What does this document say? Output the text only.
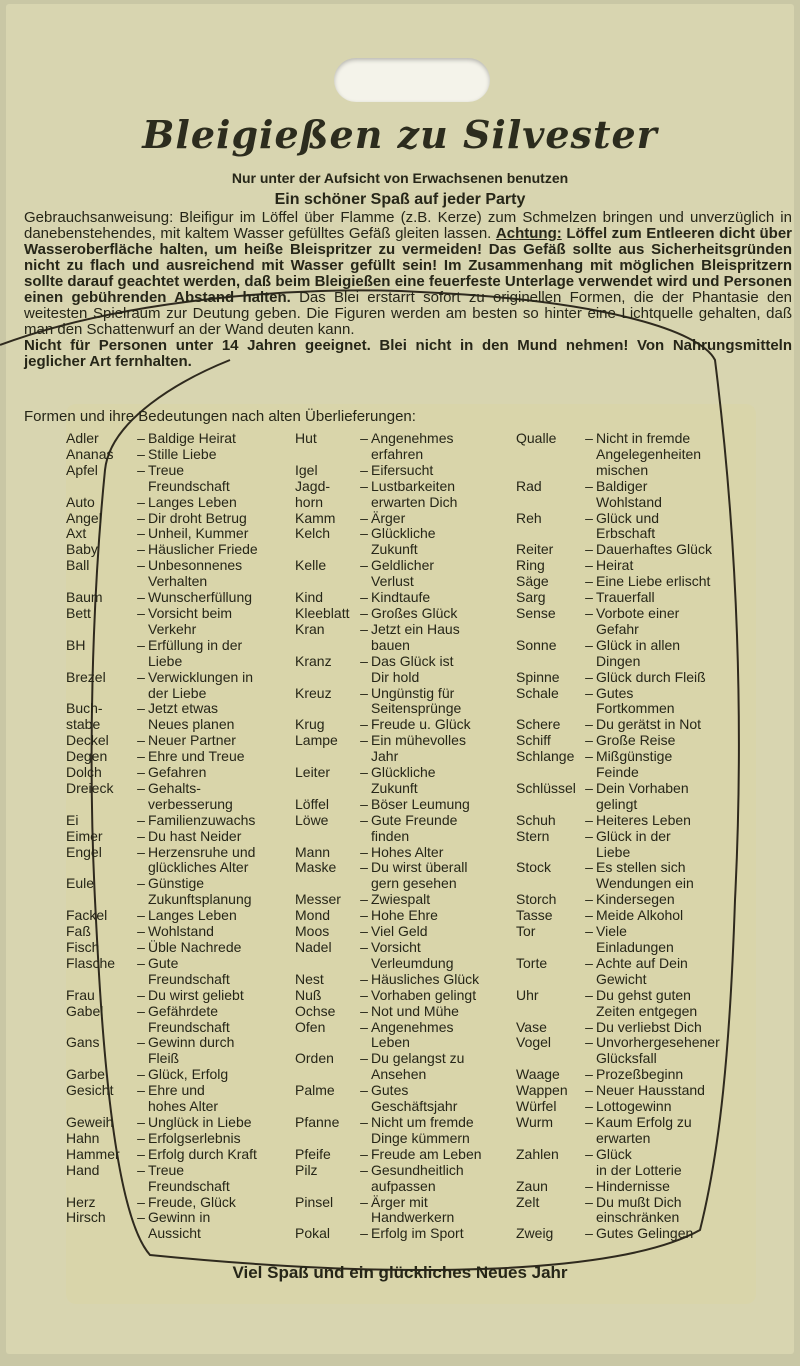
Bleigießen zu Silvester
Nur unter der Aufsicht von Erwachsenen benutzen
Ein schöner Spaß auf jeder Party
Gebrauchsanweisung: Bleifigur im Löffel über Flamme (z.B. Kerze) zum Schmelzen bringen und unverzüglich in danebenstehendes, mit kaltem Wasser gefülltes Gefäß gleiten lassen. Achtung: Löffel zum Entleeren dicht über Wasseroberfläche halten, um heiße Bleispritzer zu vermeiden! Das Gefäß sollte aus Sicherheitsgründen nicht zu flach und ausreichend mit Wasser gefüllt sein! Im Zusammenhang mit möglichen Bleispritzern sollte darauf geachtet werden, daß beim Bleigießen eine feuerfeste Unterlage verwendet wird und Personen einen gebührenden Abstand halten. Das Blei erstarrt sofort zu originellen Formen, die der Phantasie den weitesten Spielraum zur Deutung geben. Die Figuren werden am besten so hinter eine Lichtquelle gehalten, daß man den Schattenwurf an der Wand deuten kann.
Nicht für Personen unter 14 Jahren geeignet. Blei nicht in den Mund nehmen! Von Nahrungsmitteln jeglicher Art fernhalten.
Formen und ihre Bedeutungen nach alten Überlieferungen:
Adler	– Baldige Heirat
Ananas	– Stille Liebe
Apfel	– Treue
Freundschaft
Auto	– Langes Leben
Angel	– Dir droht Betrug
Axt	– Unheil, Kummer
Baby	– Häuslicher Friede
Ball	– Unbesonnenes
Verhalten
Baum	– Wunscherfüllung
Bett	– Vorsicht beim
Verkehr
BH	– Erfüllung in der
Liebe
Brezel	– Verwicklungen in
der Liebe
Buch-
stabe
– Jetzt etwas
Neues planen
Deckel	– Neuer Partner
Degen	– Ehre und Treue
Dolch	– Gefahren
Dreieck	– Gehalts-
verbesserung
Ei	– Familienzuwachs
Eimer	– Du hast Neider
Engel	– Herzensruhe und
glückliches Alter
Eule	– Günstige
Zukunftsplanung
Fackel	– Langes Leben
Faß	– Wohlstand
Fisch	– Üble Nachrede
Flasche	– Gute
Freundschaft
Frau	– Du wirst geliebt
Gabel	– Gefährdete
Freundschaft
Gans	– Gewinn durch
Fleiß
Garbe	– Glück, Erfolg
Gesicht	– Ehre und
hohes Alter
Geweih	– Unglück in Liebe
Hahn	– Erfolgserlebnis
Hammer	– Erfolg durch Kraft
Hand	– Treue
Freundschaft
Herz	– Freude, Glück
Hirsch	– Gewinn in
Aussicht
Hut	– Angenehmes
erfahren
Igel	– Eifersucht
Jagd-
horn
– Lustbarkeiten
erwarten Dich
Kamm	– Ärger
Kelch	– Glückliche
Zukunft
Kelle	– Geldlicher
Verlust
Kind	– Kindtaufe
Kleeblatt – Großes Glück
Kran	– Jetzt ein Haus
bauen
Kranz	– Das Glück ist
Dir hold
Kreuz	– Ungünstig für
Seitensprünge
Krug	– Freude u. Glück
Lampe	– Ein mühevolles
Jahr
Leiter	– Glückliche
Zukunft
Löffel	– Böser Leumung
Löwe	– Gute Freunde
finden
Mann	– Hohes Alter
Maske	– Du wirst überall
gern gesehen
Messer	– Zwiespalt
Mond	– Hohe Ehre
Moos	– Viel Geld
Nadel	– Vorsicht
Verleumdung
Nest	– Häusliches Glück
Nuß	– Vorhaben gelingt
Ochse	– Not und Mühe
Ofen	– Angenehmes
Leben
Orden	– Du gelangst zu
Ansehen
Palme	– Gutes
Geschäftsjahr
Pfanne	– Nicht um fremde
Dinge kümmern
Pfeife	– Freude am Leben
Pilz	– Gesundheitlich
aufpassen
Pinsel	– Ärger mit
Handwerkern
Pokal	– Erfolg im Sport
Qualle	– Nicht in fremde
Angelegenheiten
mischen
Rad	– Baldiger
Wohlstand
Reh	– Glück und
Erbschaft
Reiter	– Dauerhaftes Glück
Ring	– Heirat
Säge	– Eine Liebe erlischt
Sarg	– Trauerfall
Sense	– Vorbote einer
Gefahr
Sonne	– Glück in allen
Dingen
Spinne	– Glück durch Fleiß
Schale	– Gutes
Fortkommen
Schere	– Du gerätst in Not
Schiff	– Große Reise
Schlange – Mißgünstige
Feinde
Schlüssel – Dein Vorhaben
gelingt
Schuh	– Heiteres Leben
Stern	– Glück in der
Liebe
Stock	– Es stellen sich
Wendungen ein
Storch	– Kindersegen
Tasse	– Meide Alkohol
Tor	– Viele
Einladungen
Torte	– Achte auf Dein
Gewicht
Uhr	– Du gehst guten
Zeiten entgegen
Vase	– Du verliebst Dich
Vogel	– Unvorhergesehener
Glücksfall
Waage	– Prozeßbeginn
Wappen	– Neuer Hausstand
Würfel	– Lottogewinn
Wurm	– Kaum Erfolg zu
erwarten
Zahlen	– Glück
in der Lotterie
Zaun	– Hindernisse
Zelt	– Du mußt Dich
einschränken
Zweig	– Gutes Gelingen
Viel Spaß und ein glückliches Neues Jahr
